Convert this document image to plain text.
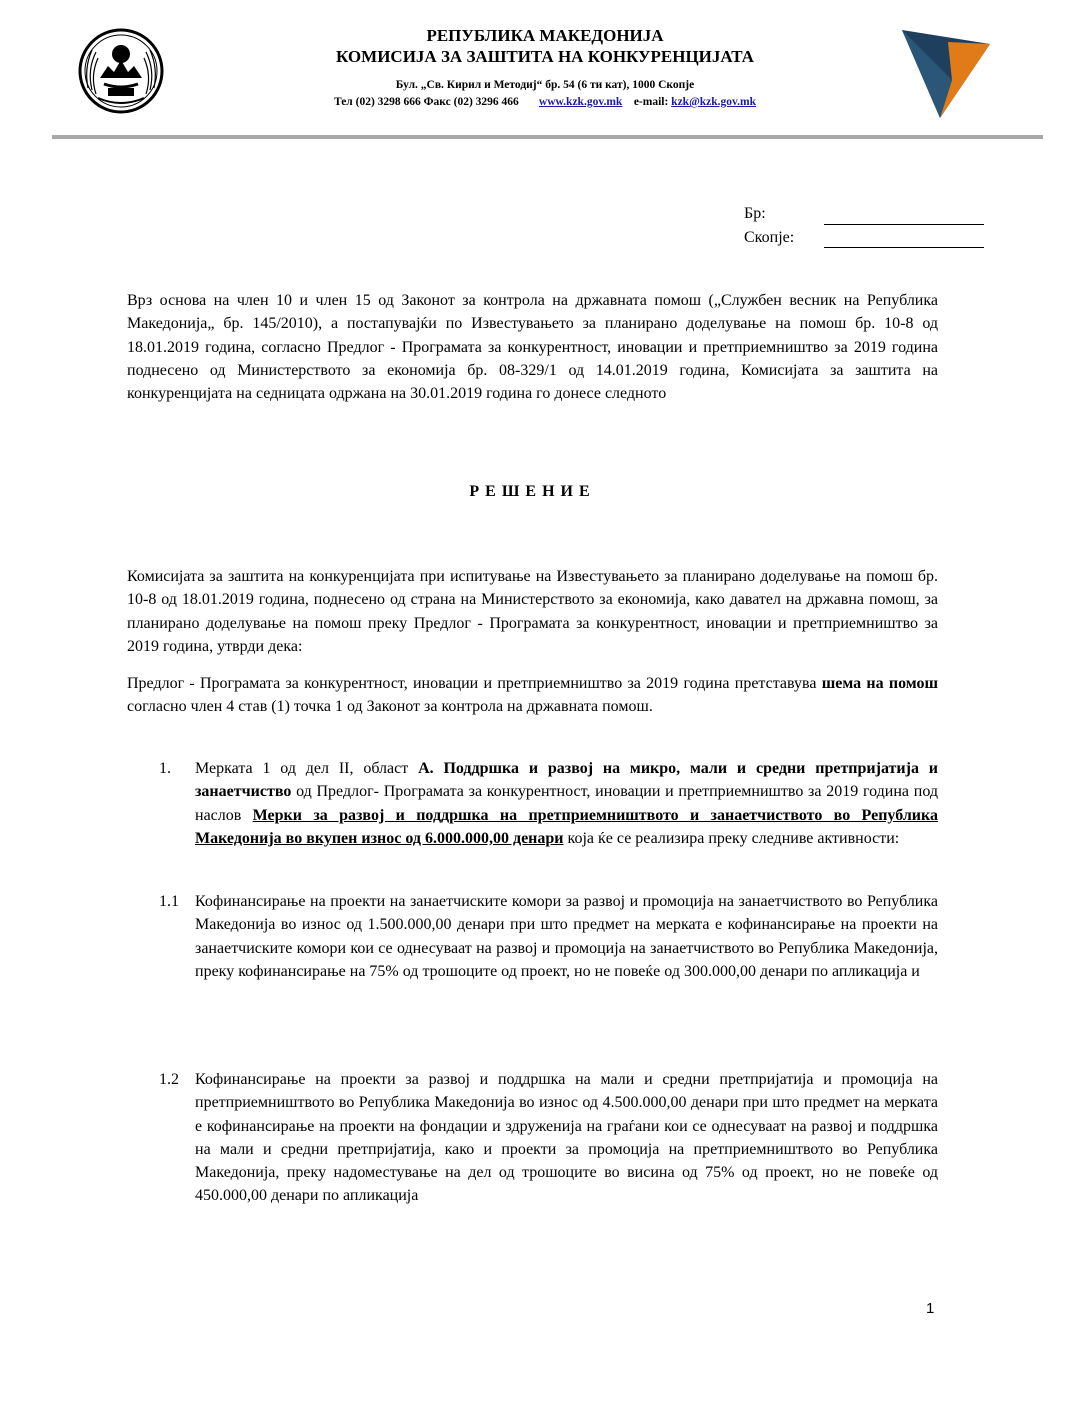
РЕПУБЛИКА МАКЕДОНИЈА
КОМИСИЈА ЗА ЗАШТИТА НА КОНКУРЕНЦИЈАТА
Бул. „Св. Кирил и Методиј“ бр. 54 (6 ти кат), 1000 Скопје
Тел (02) 3298 666 Факс (02) 3296 466 www.kzk.gov.mk e-mail: kzk@kzk.gov.mk
Бр:
Скопје:

Врз основа на член 10 и член 15 од Законот за контрола на државната помош („Службен весник на Република Македонија„ бр. 145/2010), а постапувајќи по Известувањето за планирано доделување на помош бр. 10-8 од 18.01.2019 година, согласно Предлог - Програмата за конкурентност, иновации и претприемништво за 2019 година поднесено од Министерството за економија бр. 08-329/1 од 14.01.2019 година, Комисијата за заштита на конкуренцијата на седницата одржана на 30.01.2019 година го донесе следното

РЕШЕНИЕ

Комисијата за заштита на конкуренцијата при испитување на Известувањето за планирано доделување на помош бр. 10-8 од 18.01.2019 година, поднесено од страна на Министерството за економија, како давател на државна помош, за планирано доделување на помош преку Предлог - Програмата за конкурентност, иновации и претприемништво за 2019 година, утврди дека:

Предлог - Програмата за конкурентност, иновации и претприемништво за 2019 година претставува шема на помош согласно член 4 став (1) точка 1 од Законот за контрола на државната помош.

1. Мерката 1 од дел II, област А. Поддршка и развој на микро, мали и средни претпријатија и занаетчиство од Предлог- Програмата за конкурентност, иновации и претприемништво за 2019 година под наслов Мерки за развој и поддршка на претприемништвото и занаетчиството во Република Македонија во вкупен износ од 6.000.000,00 денари која ќе се реализира преку следниве активности:
1.1 Кофинансирање на проекти на занаетчиските комори за развој и промоција на занаетчиството во Република Македонија во износ од 1.500.000,00 денари при што предмет на мерката е кофинансирање на проекти на занаетчиските комори кои се однесуваат на развој и промоција на занаетчиството во Република Македонија, преку кофинансирање на 75% од трошоците од проект, но не повеќе од 300.000,00 денари по апликација и
1.2 Кофинансирање на проекти за развој и поддршка на мали и средни претпријатија и промоција на претприемништвото во Република Македонија во износ од 4.500.000,00 денари при што предмет на мерката е кофинансирање на проекти на фондации и здруженија на граѓани кои се однесуваат на развој и поддршка на мали и средни претпријатија, како и проекти за промоција на претприемништвото во Република Македонија, преку надоместување на дел од трошоците во висина од 75% од проект, но не повеќе од 450.000,00 денари по апликација
1
